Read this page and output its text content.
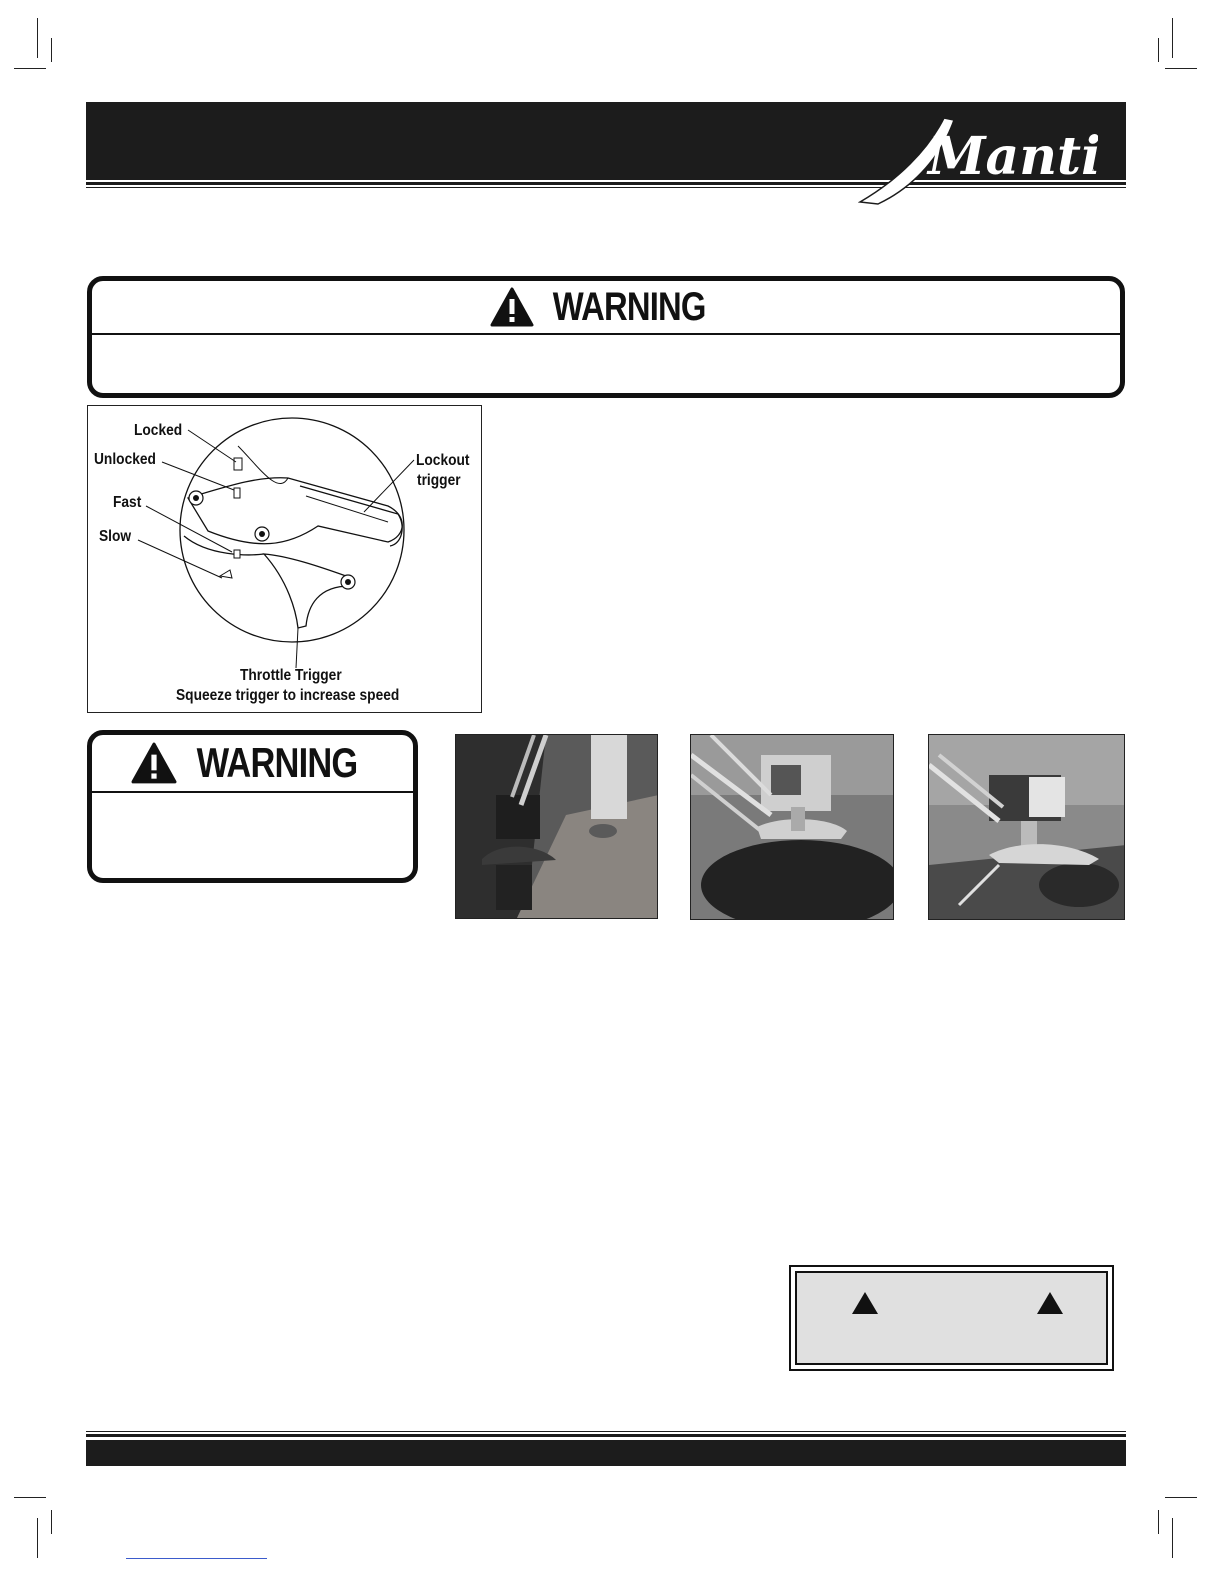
Mant ®
WARNING
Locked
Unlocked
Fast
Slow
Lockout
trigger
Throttle Trigger
Squeeze trigger to increase speed
WARNING
